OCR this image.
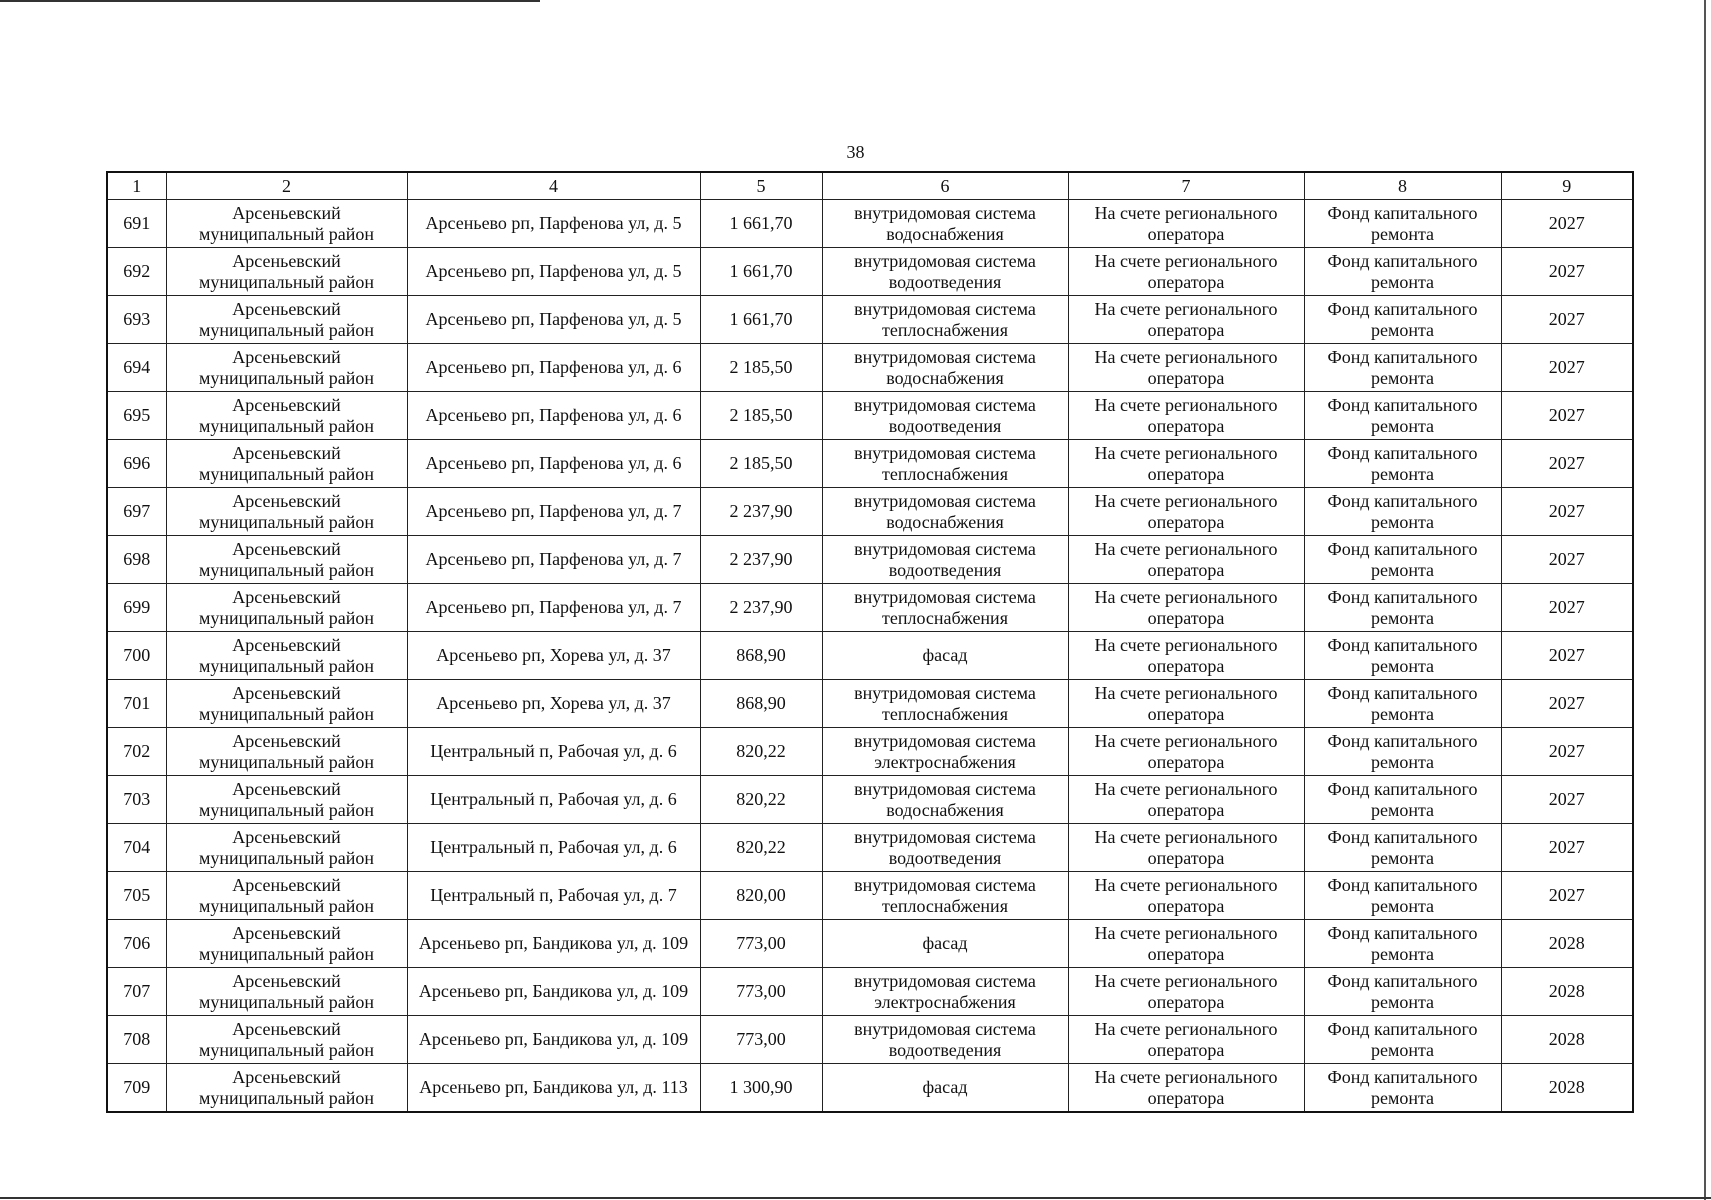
38
1	2	4	5	6	7	8	9
691	Арсеньевский муниципальный район	Арсеньево рп, Парфенова ул, д. 5	1 661,70	внутридомовая система водоснабжения	На счете регионального оператора	Фонд капитального ремонта	2027
692	Арсеньевский муниципальный район	Арсеньево рп, Парфенова ул, д. 5	1 661,70	внутридомовая система водоотведения	На счете регионального оператора	Фонд капитального ремонта	2027
693	Арсеньевский муниципальный район	Арсеньево рп, Парфенова ул, д. 5	1 661,70	внутридомовая система теплоснабжения	На счете регионального оператора	Фонд капитального ремонта	2027
694	Арсеньевский муниципальный район	Арсеньево рп, Парфенова ул, д. 6	2 185,50	внутридомовая система водоснабжения	На счете регионального оператора	Фонд капитального ремонта	2027
695	Арсеньевский муниципальный район	Арсеньево рп, Парфенова ул, д. 6	2 185,50	внутридомовая система водоотведения	На счете регионального оператора	Фонд капитального ремонта	2027
696	Арсеньевский муниципальный район	Арсеньево рп, Парфенова ул, д. 6	2 185,50	внутридомовая система теплоснабжения	На счете регионального оператора	Фонд капитального ремонта	2027
697	Арсеньевский муниципальный район	Арсеньево рп, Парфенова ул, д. 7	2 237,90	внутридомовая система водоснабжения	На счете регионального оператора	Фонд капитального ремонта	2027
698	Арсеньевский муниципальный район	Арсеньево рп, Парфенова ул, д. 7	2 237,90	внутридомовая система водоотведения	На счете регионального оператора	Фонд капитального ремонта	2027
699	Арсеньевский муниципальный район	Арсеньево рп, Парфенова ул, д. 7	2 237,90	внутридомовая система теплоснабжения	На счете регионального оператора	Фонд капитального ремонта	2027
700	Арсеньевский муниципальный район	Арсеньево рп, Хорева ул, д. 37	868,90	фасад	На счете регионального оператора	Фонд капитального ремонта	2027
701	Арсеньевский муниципальный район	Арсеньево рп, Хорева ул, д. 37	868,90	внутридомовая система теплоснабжения	На счете регионального оператора	Фонд капитального ремонта	2027
702	Арсеньевский муниципальный район	Центральный п, Рабочая ул, д. 6	820,22	внутридомовая система электроснабжения	На счете регионального оператора	Фонд капитального ремонта	2027
703	Арсеньевский муниципальный район	Центральный п, Рабочая ул, д. 6	820,22	внутридомовая система водоснабжения	На счете регионального оператора	Фонд капитального ремонта	2027
704	Арсеньевский муниципальный район	Центральный п, Рабочая ул, д. 6	820,22	внутридомовая система водоотведения	На счете регионального оператора	Фонд капитального ремонта	2027
705	Арсеньевский муниципальный район	Центральный п, Рабочая ул, д. 7	820,00	внутридомовая система теплоснабжения	На счете регионального оператора	Фонд капитального ремонта	2027
706	Арсеньевский муниципальный район	Арсеньево рп, Бандикова ул, д. 109	773,00	фасад	На счете регионального оператора	Фонд капитального ремонта	2028
707	Арсеньевский муниципальный район	Арсеньево рп, Бандикова ул, д. 109	773,00	внутридомовая система электроснабжения	На счете регионального оператора	Фонд капитального ремонта	2028
708	Арсеньевский муниципальный район	Арсеньево рп, Бандикова ул, д. 109	773,00	внутридомовая система водоотведения	На счете регионального оператора	Фонд капитального ремонта	2028
709	Арсеньевский муниципальный район	Арсеньево рп, Бандикова ул, д. 113	1 300,90	фасад	На счете регионального оператора	Фонд капитального ремонта	2028
